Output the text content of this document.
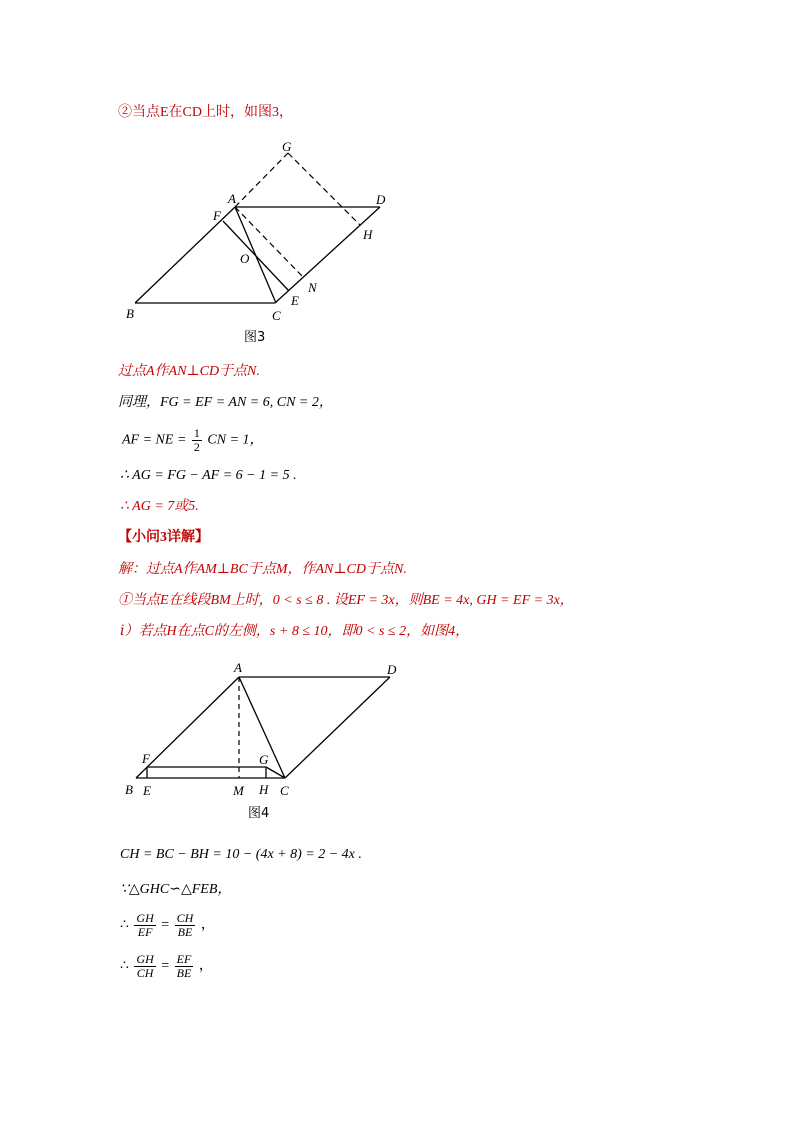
②当点E在CD上时，如图3，
G
A	D
F
H
O
N
E
B	C
图3
过点A作AN⊥CD于点N.
同理，FG = EF = AN = 6, CN = 2，
AF = NE = $\frac{1}{2}$ CN = 1，
∴ AG = FG − AF = 6 − 1 = 5 .
∴ AG = 7或5.
【小问3详解】
解：过点A作AM⊥BC于点M，作AN⊥CD于点N.
①当点E在线段BM上时，0 < s ≤ 8 . 设EF = 3x，则BE = 4x, GH = EF = 3x，
ⅰ）若点H在点C的左侧，s + 8 ≤ 10，即0 < s ≤ 2，如图4，
A	D
F	G
B E	M H C
图4
CH = BC − BH = 10 − (4x + 8) = 2 − 4x .
∵△GHC∽△FEB，
∴ $\frac{GH}{EF} = \frac{CH}{BE}$ ，
∴ $\frac{GH}{CH} = \frac{EF}{BE}$ ，
